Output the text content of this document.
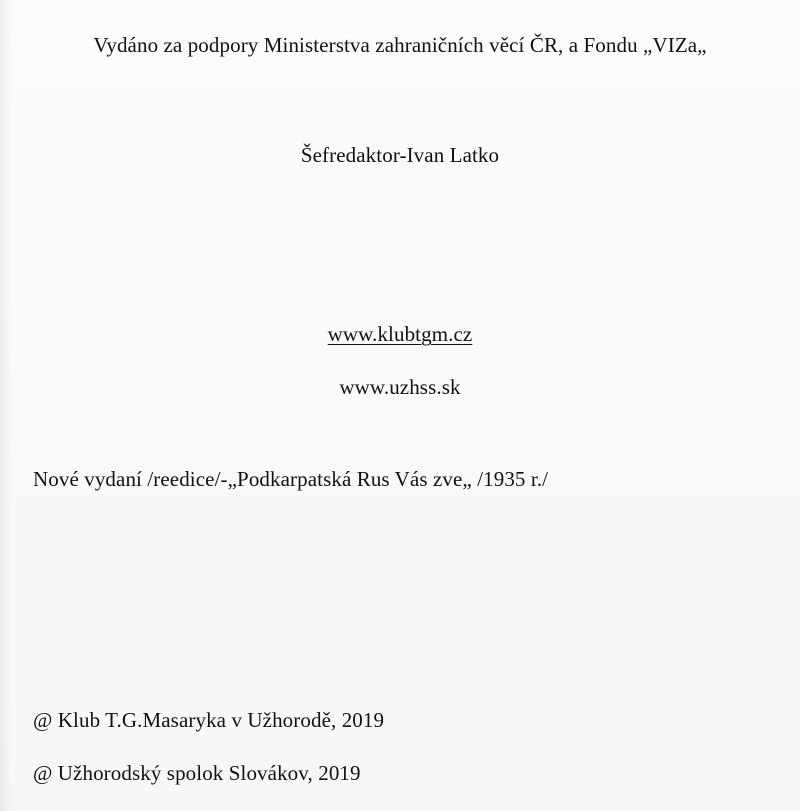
Vydáno za podpory Ministerstva zahraničních věcí ČR, a Fondu „VIZa„
Šefredaktor-Ivan Latko
www.klubtgm.cz
www.uzhss.sk
Nové vydaní /reedice/-„Podkarpatská Rus Vás zve„ /1935 r./
@ Klub T.G.Masaryka v Užhorodě, 2019
@ Užhorodský spolok Slovákov, 2019
